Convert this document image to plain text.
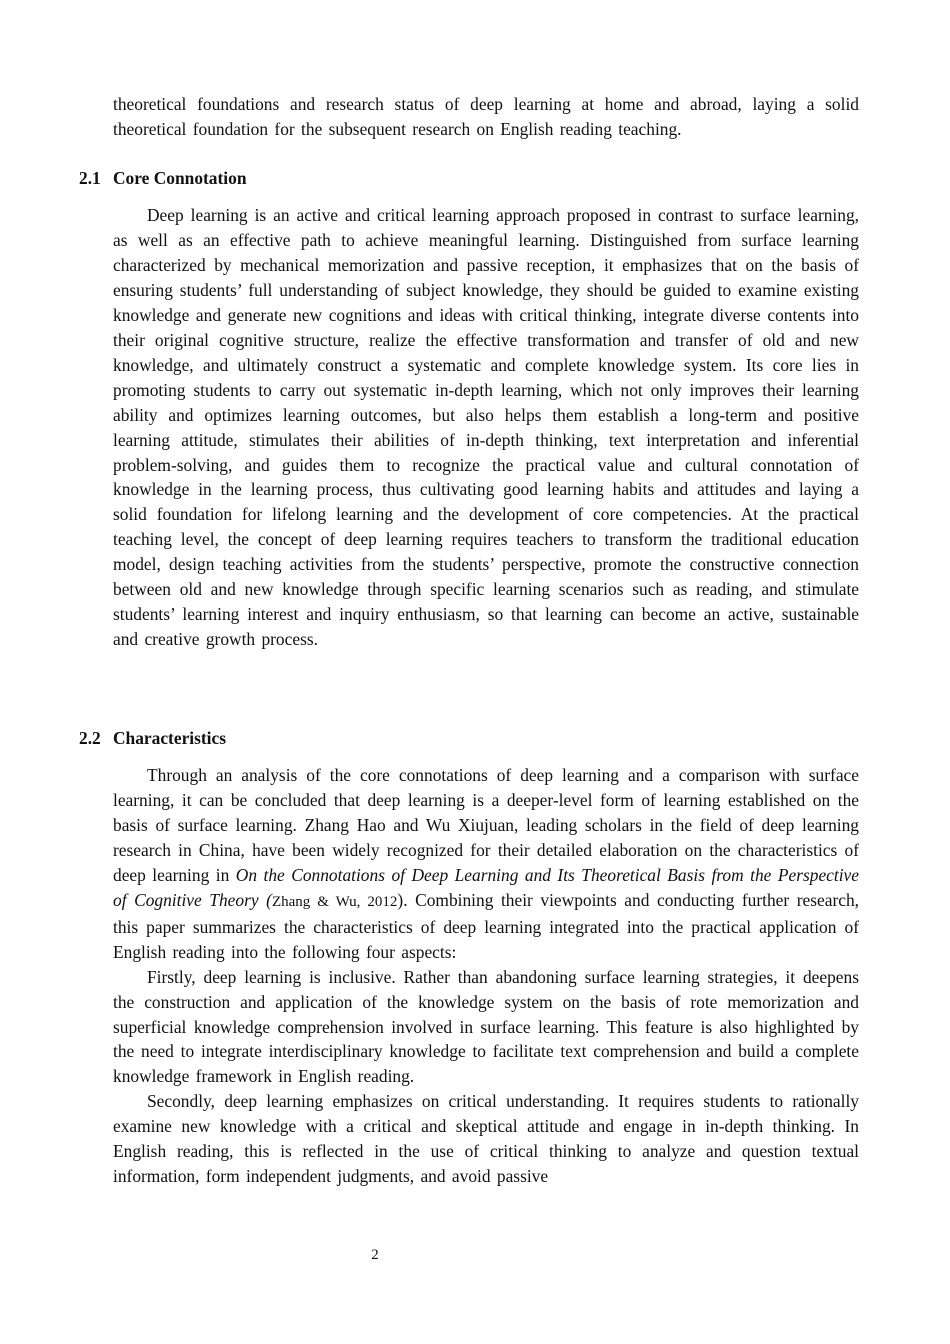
theoretical foundations and research status of deep learning at home and abroad, laying a solid theoretical foundation for the subsequent research on English reading teaching.

2.1 Core Connotation

Deep learning is an active and critical learning approach proposed in contrast to surface learning, as well as an effective path to achieve meaningful learning. Distinguished from surface learning characterized by mechanical memorization and passive reception, it emphasizes that on the basis of ensuring students’ full understanding of subject knowledge, they should be guided to examine existing knowledge and generate new cognitions and ideas with critical thinking, integrate diverse contents into their original cognitive structure, realize the effective transformation and transfer of old and new knowledge, and ultimately construct a systematic and complete knowledge system. Its core lies in promoting students to carry out systematic in-depth learning, which not only improves their learning ability and optimizes learning outcomes, but also helps them establish a long-term and positive learning attitude, stimulates their abilities of in-depth thinking, text interpretation and inferential problem-solving, and guides them to recognize the practical value and cultural connotation of knowledge in the learning process, thus cultivating good learning habits and attitudes and laying a solid foundation for lifelong learning and the development of core competencies. At the practical teaching level, the concept of deep learning requires teachers to transform the traditional education model, design teaching activities from the students’ perspective, promote the constructive connection between old and new knowledge through specific learning scenarios such as reading, and stimulate students’ learning interest and inquiry enthusiasm, so that learning can become an active, sustainable and creative growth process.

2.2 Characteristics

Through an analysis of the core connotations of deep learning and a comparison with surface learning, it can be concluded that deep learning is a deeper-level form of learning established on the basis of surface learning. Zhang Hao and Wu Xiujuan, leading scholars in the field of deep learning research in China, have been widely recognized for their detailed elaboration on the characteristics of deep learning in On the Connotations of Deep Learning and Its Theoretical Basis from the Perspective of Cognitive Theory (Zhang & Wu, 2012). Combining their viewpoints and conducting further research, this paper summarizes the characteristics of deep learning integrated into the practical application of English reading into the following four aspects:

Firstly, deep learning is inclusive. Rather than abandoning surface learning strategies, it deepens the construction and application of the knowledge system on the basis of rote memorization and superficial knowledge comprehension involved in surface learning. This feature is also highlighted by the need to integrate interdisciplinary knowledge to facilitate text comprehension and build a complete knowledge framework in English reading.

Secondly, deep learning emphasizes on critical understanding. It requires students to rationally examine new knowledge with a critical and skeptical attitude and engage in in-depth thinking. In English reading, this is reflected in the use of critical thinking to analyze and question textual information, form independent judgments, and avoid passive

2
